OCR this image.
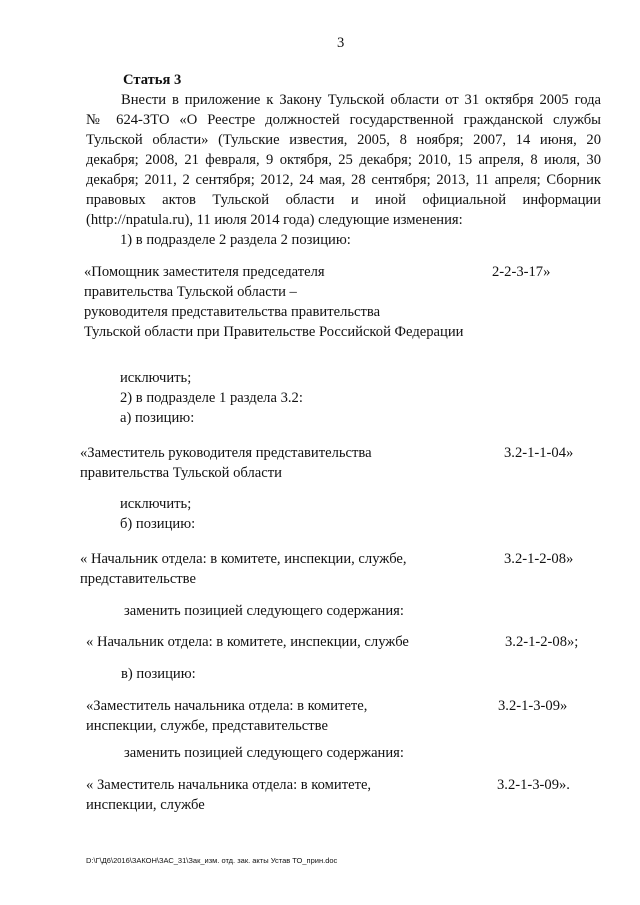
3
Статья 3
Внести в приложение к Закону Тульской области от 31 октября 2005 года
№ 624-ЗТО «О Реестре должностей государственной гражданской службы
Тульской области» (Тульские известия, 2005, 8 ноября; 2007, 14 июня, 20
декабря; 2008, 21 февраля, 9 октября, 25 декабря; 2010, 15 апреля, 8 июля, 30
декабря; 2011, 2 сентября; 2012, 24 мая, 28 сентября; 2013, 11 апреля; Сборник
правовых актов Тульской области и иной официальной информации
(http://npatula.ru), 11 июля 2014 года) следующие изменения:
1) в подразделе 2 раздела 2 позицию:
«Помощник заместителя председателя
правительства Тульской области –
руководителя представительства правительства
Тульской области при Правительстве Российской Федерации
2-2-3-17»
исключить;
2) в подразделе 1 раздела 3.2:
а) позицию:
«Заместитель руководителя представительства
правительства Тульской области
3.2-1-1-04»
исключить;
б) позицию:
« Начальник отдела: в комитете, инспекции, службе,
представительстве
3.2-1-2-08»
заменить позицией следующего содержания:
« Начальник отдела: в комитете, инспекции, службе	3.2-1-2-08»;
в) позицию:
«Заместитель начальника отдела: в комитете,
инспекции, службе, представительстве
3.2-1-3-09»
заменить позицией следующего содержания:
« Заместитель начальника отдела: в комитете,
инспекции, службе
3.2-1-3-09».
D:\Г\Д6\2016\ЗАКОН\ЗАС_31\Зак_изм. отд. зак. акты Устав ТО_прин.doc
